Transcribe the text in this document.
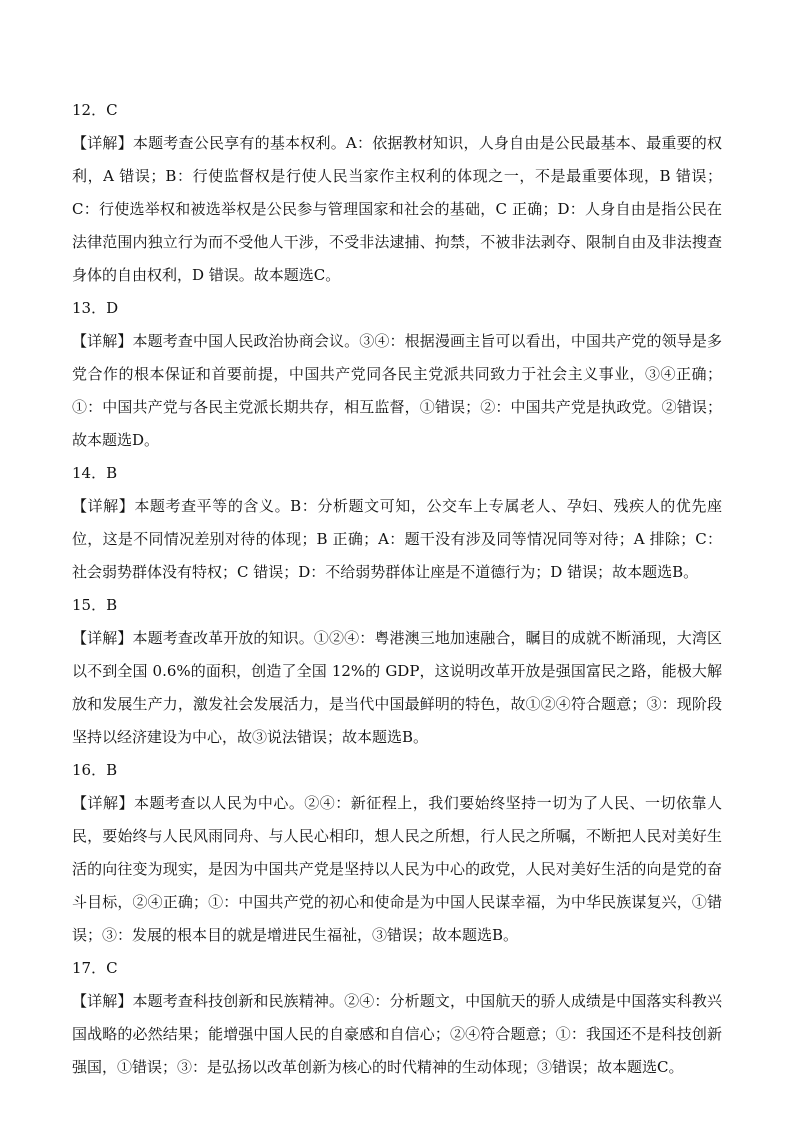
12．C

【详解】本题考查公民享有的基本权利。A：依据教材知识，人身自由是公民最基本、最重要的权利，A 错误；B：行使监督权是行使人民当家作主权利的体现之一，不是最重要体现，B 错误；C：行使选举权和被选举权是公民参与管理国家和社会的基础，C 正确；D：人身自由是指公民在法律范围内独立行为而不受他人干涉，不受非法逮捕、拘禁，不被非法剥夺、限制自由及非法搜查身体的自由权利，D 错误。故本题选C。

13．D

【详解】本题考查中国人民政治协商会议。③④：根据漫画主旨可以看出，中国共产党的领导是多党合作的根本保证和首要前提，中国共产党同各民主党派共同致力于社会主义事业，③④正确；①：中国共产党与各民主党派长期共存，相互监督，①错误；②：中国共产党是执政党。②错误；故本题选D。

14．B

【详解】本题考查平等的含义。B：分析题文可知，公交车上专属老人、孕妇、残疾人的优先座位，这是不同情况差别对待的体现；B 正确；A：题干没有涉及同等情况同等对待；A 排除；C：社会弱势群体没有特权；C 错误；D：不给弱势群体让座是不道德行为；D 错误；故本题选B。

15．B

【详解】本题考查改革开放的知识。①②④：粤港澳三地加速融合，瞩目的成就不断涌现，大湾区以不到全国 0.6%的面积，创造了全国 12%的 GDP，这说明改革开放是强国富民之路，能极大解放和发展生产力，激发社会发展活力，是当代中国最鲜明的特色，故①②④符合题意；③：现阶段坚持以经济建设为中心，故③说法错误；故本题选B。

16．B

【详解】本题考查以人民为中心。②④：新征程上，我们要始终坚持一切为了人民、一切依靠人民，要始终与人民风雨同舟、与人民心相印，想人民之所想，行人民之所嘱，不断把人民对美好生活的向往变为现实，是因为中国共产党是坚持以人民为中心的政党，人民对美好生活的向是党的奋斗目标，②④正确；①：中国共产党的初心和使命是为中国人民谋幸福，为中华民族谋复兴，①错误；③：发展的根本目的就是增进民生福祉，③错误；故本题选B。

17．C

【详解】本题考查科技创新和民族精神。②④：分析题文，中国航天的骄人成绩是中国落实科教兴国战略的必然结果；能增强中国人民的自豪感和自信心；②④符合题意；①：我国还不是科技创新强国，①错误；③：是弘扬以改革创新为核心的时代精神的生动体现；③错误；故本题选C。
